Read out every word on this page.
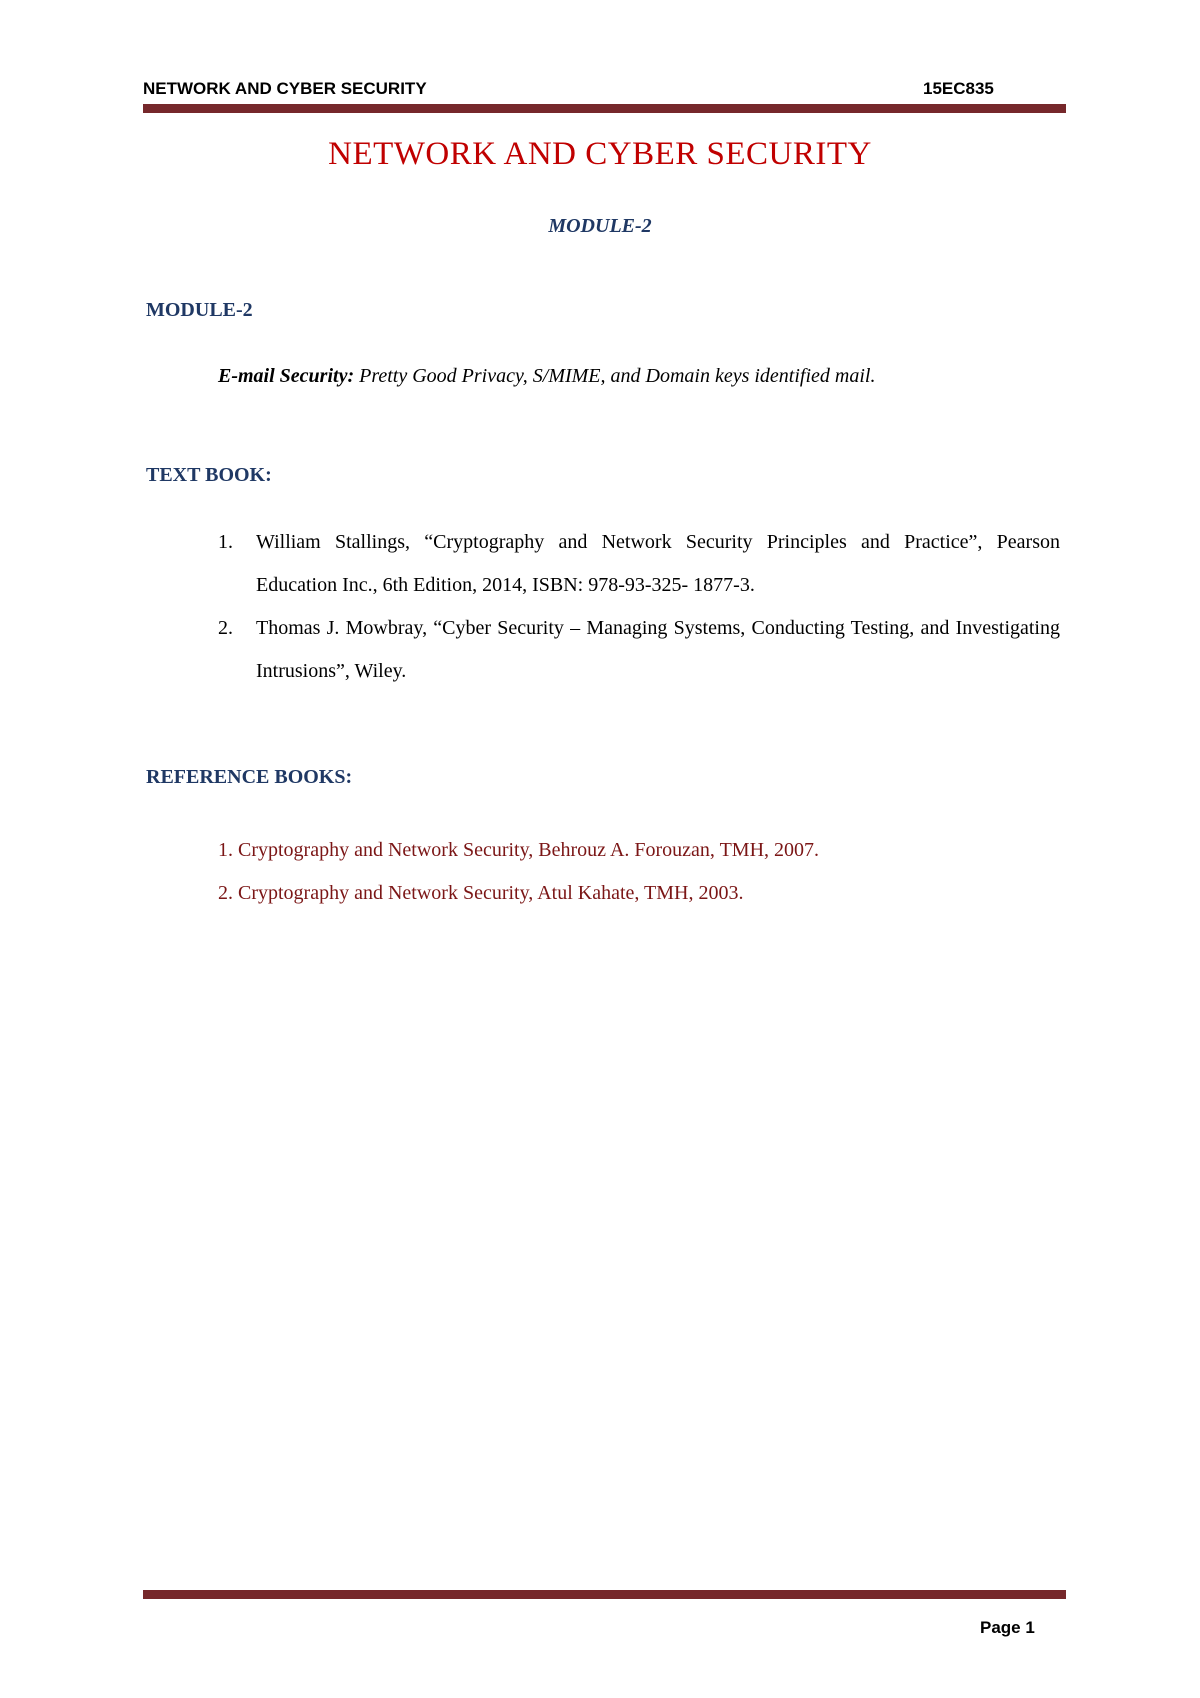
NETWORK AND CYBER SECURITY	15EC835
NETWORK AND CYBER SECURITY
MODULE-2
MODULE-2
E-mail Security: Pretty Good Privacy, S/MIME, and Domain keys identified mail.
TEXT BOOK:
1. William Stallings, “Cryptography and Network Security Principles and Practice”, Pearson Education Inc., 6th Edition, 2014, ISBN: 978-93-325- 1877-3.
2. Thomas J. Mowbray, “Cyber Security – Managing Systems, Conducting Testing, and Investigating Intrusions”, Wiley.
REFERENCE BOOKS:
1. Cryptography and Network Security, Behrouz A. Forouzan, TMH, 2007.
2. Cryptography and Network Security, Atul Kahate, TMH, 2003.
Page 1
